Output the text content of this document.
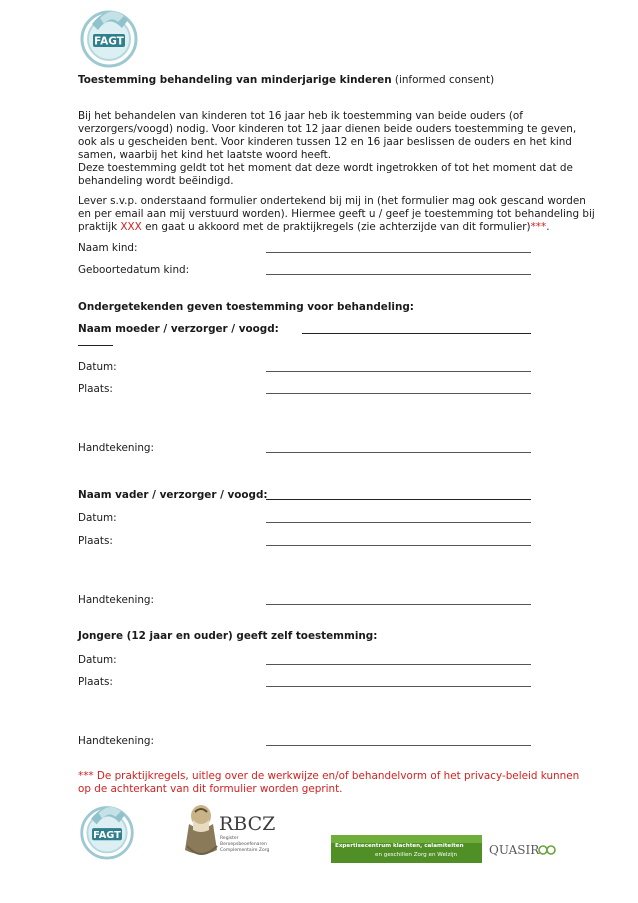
FAGT
Toestemming behandeling van minderjarige kinderen (informed consent)
Bij het behandelen van kinderen tot 16 jaar heb ik toestemming van beide ouders (of
verzorgers/voogd) nodig. Voor kinderen tot 12 jaar dienen beide ouders toestemming te geven,
ook als u gescheiden bent. Voor kinderen tussen 12 en 16 jaar beslissen de ouders en het kind
samen, waarbij het kind het laatste woord heeft.
Deze toestemming geldt tot het moment dat deze wordt ingetrokken of tot het moment dat de
behandeling wordt beëindigd.
Lever s.v.p. onderstaand formulier ondertekend bij mij in (het formulier mag ook gescand worden
en per email aan mij verstuurd worden). Hiermee geeft u / geef je toestemming tot behandeling bij
praktijk XXX en gaat u akkoord met de praktijkregels (zie achterzijde van dit formulier)***.
Naam kind:
Geboortedatum kind:
Ondergetekenden geven toestemming voor behandeling:
Naam moeder / verzorger / voogd:
Datum:
Plaats:
Handtekening:
Naam vader / verzorger / voogd:
Datum:
Plaats:
Handtekening:
Jongere (12 jaar en ouder) geeft zelf toestemming:
Datum:
Plaats:
Handtekening:
*** De praktijkregels, uitleg over de werkwijze en/of behandelvorm of het privacy-beleid kunnen
op de achterkant van dit formulier worden geprint.
FAGT
RBCZ
Register
Beroepsbeoefenaren
Complementaire Zorg
Expertisecentrum klachten, calamiteiten
en geschillen Zorg en Welzijn	QUASIR
